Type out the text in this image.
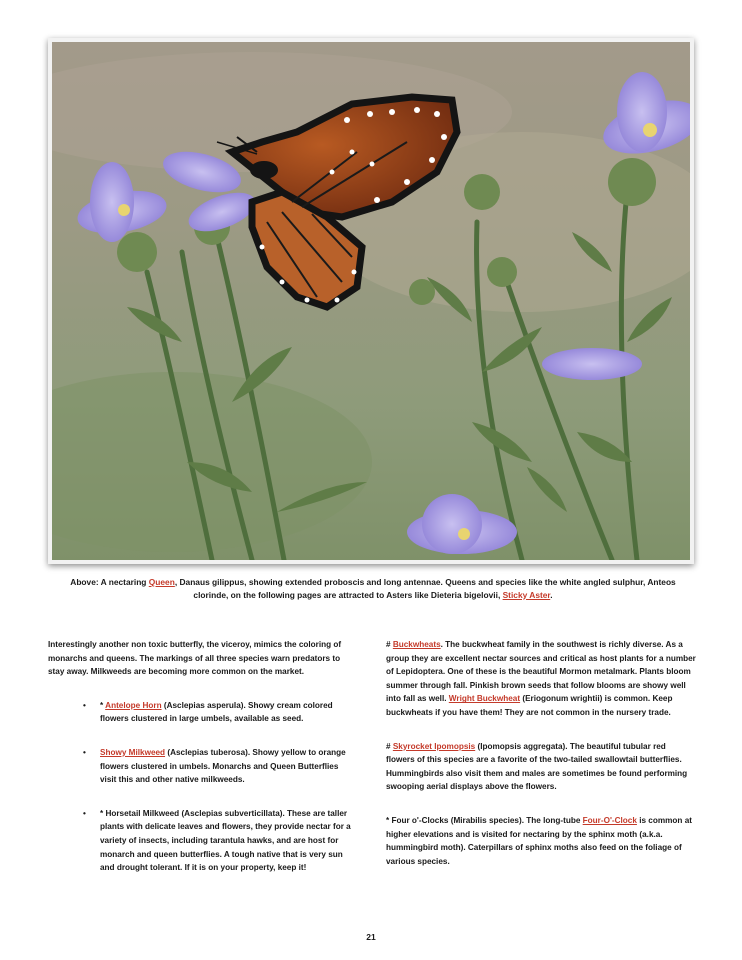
Above: A nectaring Queen, Danaus gilippus, showing extended proboscis and long antennae. Queens and species like the white angled sulphur, Anteos clorinde, on the following pages are attracted to Asters like Dieteria bigelovii, Sticky Aster.

Interestingly another non toxic butterfly, the viceroy, mimics the coloring of monarchs and queens. The markings of all three species warn predators to stay away. Milkweeds are becoming more common on the market.

• * Antelope Horn (Asclepias asperula). Showy cream colored flowers clustered in large umbels, available as seed.
• Showy Milkweed (Asclepias tuberosa). Showy yellow to orange flowers clustered in umbels. Monarchs and Queen Butterflies visit this and other native milkweeds.
• * Horsetail Milkweed (Asclepias subverticillata). These are taller plants with delicate leaves and flowers, they provide nectar for a variety of insects, including tarantula hawks, and are host for monarch and queen butterflies. A tough native that is very sun and drought tolerant. If it is on your property, keep it!

# Buckwheats. The buckwheat family in the southwest is richly diverse. As a group they are excellent nectar sources and critical as host plants for a number of Lepidoptera. One of these is the beautiful Mormon metalmark. Plants bloom summer through fall. Pinkish brown seeds that follow blooms are showy well into fall as well. Wright Buckwheat (Eriogonum wrightii) is common. Keep buckwheats if you have them! They are not common in the nursery trade.

# Skyrocket Ipomopsis (Ipomopsis aggregata). The beautiful tubular red flowers of this species are a favorite of the two-tailed swallowtail butterflies. Hummingbirds also visit them and males are sometimes be found performing swooping aerial displays above the flowers.

* Four o'-Clocks (Mirabilis species). The long-tube Four-O'-Clock is common at higher elevations and is visited for nectaring by the sphinx moth (a.k.a. hummingbird moth). Caterpillars of sphinx moths also feed on the foliage of various species.

21
